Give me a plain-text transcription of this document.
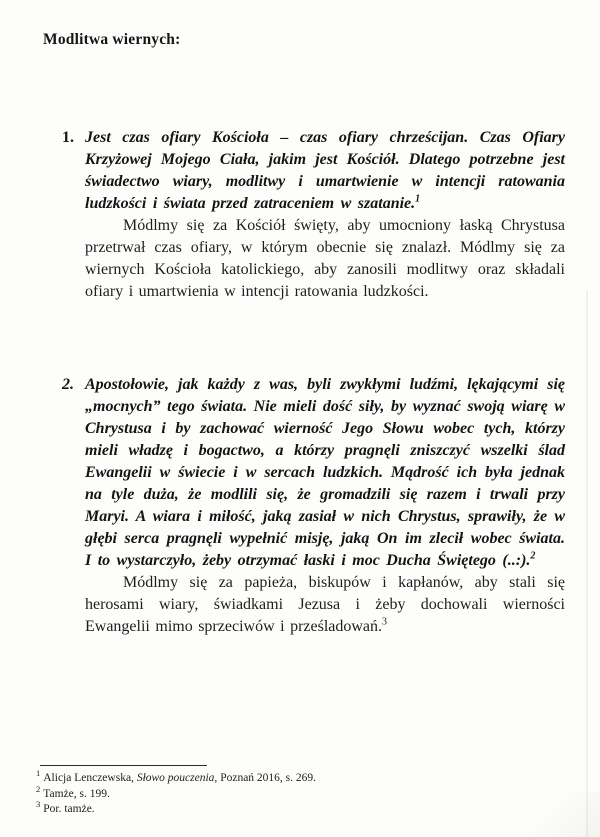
Modlitwa wiernych:
1. Jest czas ofiary Kościoła – czas ofiary chrześcijan. Czas Ofiary Krzyżowej Mojego Ciała, jakim jest Kościół. Dlatego potrzebne jest świadectwo wiary, modlitwy i umartwienie w intencji ratowania ludzkości i świata przed zatraceniem w szatanie.$^1$

Módlmy się za Kościół święty, aby umocniony łaską Chrystusa przetrwał czas ofiary, w którym obecnie się znalazł. Módlmy się za wiernych Kościoła katolickiego, aby zanosili modlitwy oraz składali ofiary i umartwienia w intencji ratowania ludzkości.

2. Apostołowie, jak każdy z was, byli zwykłymi ludźmi, lękającymi się „mocnych” tego świata. Nie mieli dość siły, by wyznać swoją wiarę w Chrystusa i by zachować wierność Jego Słowu wobec tych, którzy mieli władzę i bogactwo, a którzy pragnęli zniszczyć wszelki ślad Ewangelii w świecie i w sercach ludzkich. Mądrość ich była jednak na tyle duża, że modlili się, że gromadzili się razem i trwali przy Maryi. A wiara i miłość, jaką zasiał w nich Chrystus, sprawiły, że w głębi serca pragnęli wypełnić misję, jaką On im zlecił wobec świata. I to wystarczyło, żeby otrzymać łaski i moc Ducha Świętego (..:).$^2$

Módlmy się za papieża, biskupów i kapłanów, aby stali się herosami wiary, świadkami Jezusa i żeby dochowali wierności Ewangelii mimo sprzeciwów i prześladowań.$^3$

$^1$ Alicja Lenczewska, Słowo pouczenia, Poznań 2016, s. 269.
$^2$ Tamże, s. 199.
$^3$ Por. tamże.
